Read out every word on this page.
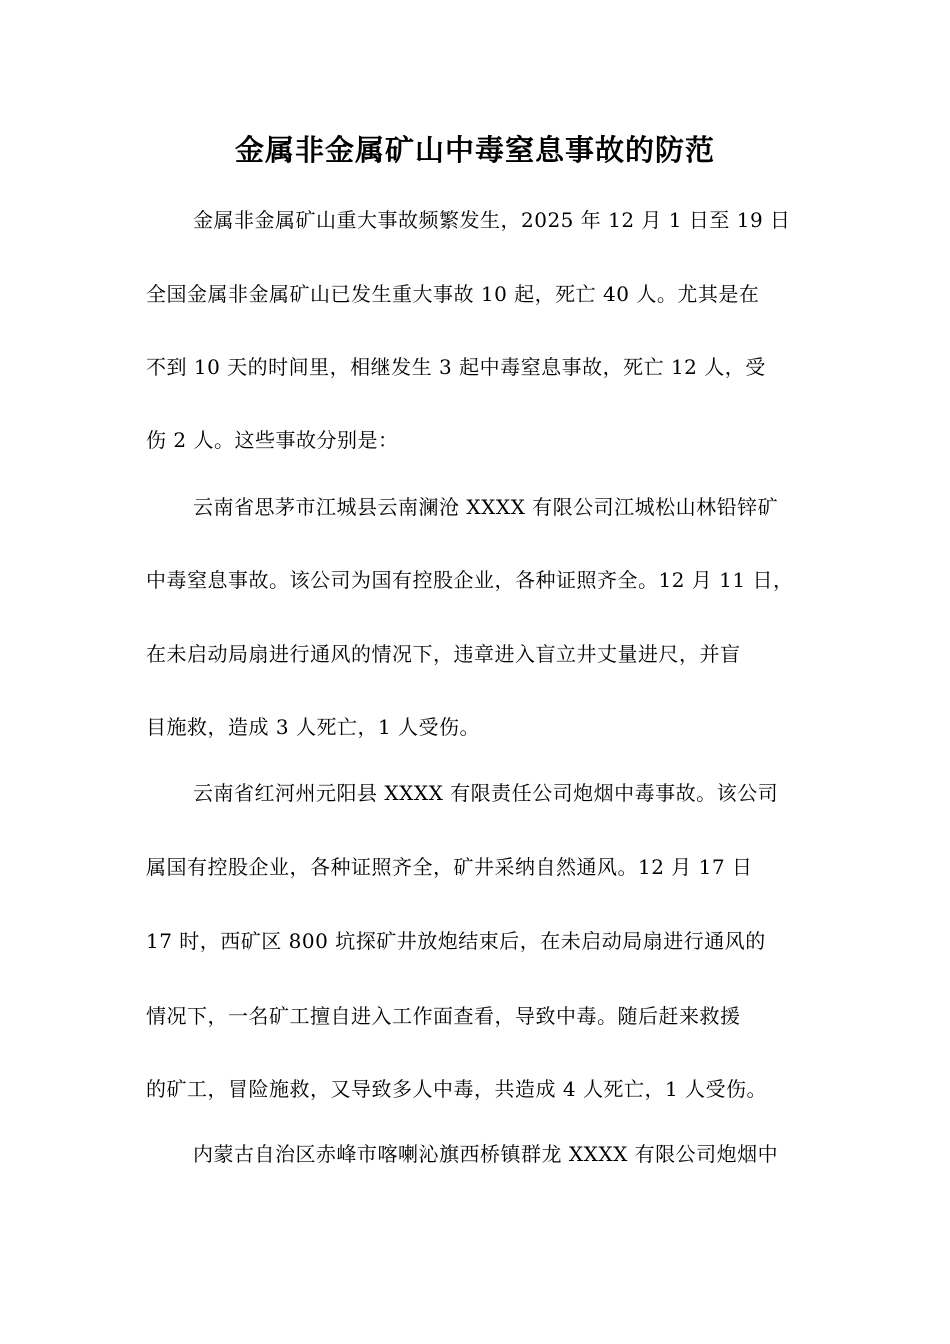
金属非金属矿山中毒窒息事故的防范
金属非金属矿山重大事故频繁发生，2025 年 12 月 1 日至 19 日
全国金属非金属矿山已发生重大事故 10 起，死亡 40 人。尤其是在
不到 10 天的时间里，相继发生 3 起中毒窒息事故，死亡 12 人，受
伤 2 人。这些事故分别是：
云南省思茅市江城县云南澜沧 XXXX 有限公司江城松山林铅锌矿
中毒窒息事故。该公司为国有控股企业，各种证照齐全。12 月 11 日，
在未启动局扇进行通风的情况下，违章进入盲立井丈量进尺，并盲
目施救，造成 3 人死亡，1 人受伤。
云南省红河州元阳县 XXXX 有限责任公司炮烟中毒事故。该公司
属国有控股企业，各种证照齐全，矿井采纳自然通风。12 月 17 日
17 时，西矿区 800 坑探矿井放炮结束后，在未启动局扇进行通风的
情况下，一名矿工擅自进入工作面查看，导致中毒。随后赶来救援
的矿工，冒险施救，又导致多人中毒，共造成 4 人死亡，1 人受伤。
内蒙古自治区赤峰市喀喇沁旗西桥镇群龙 XXXX 有限公司炮烟中
